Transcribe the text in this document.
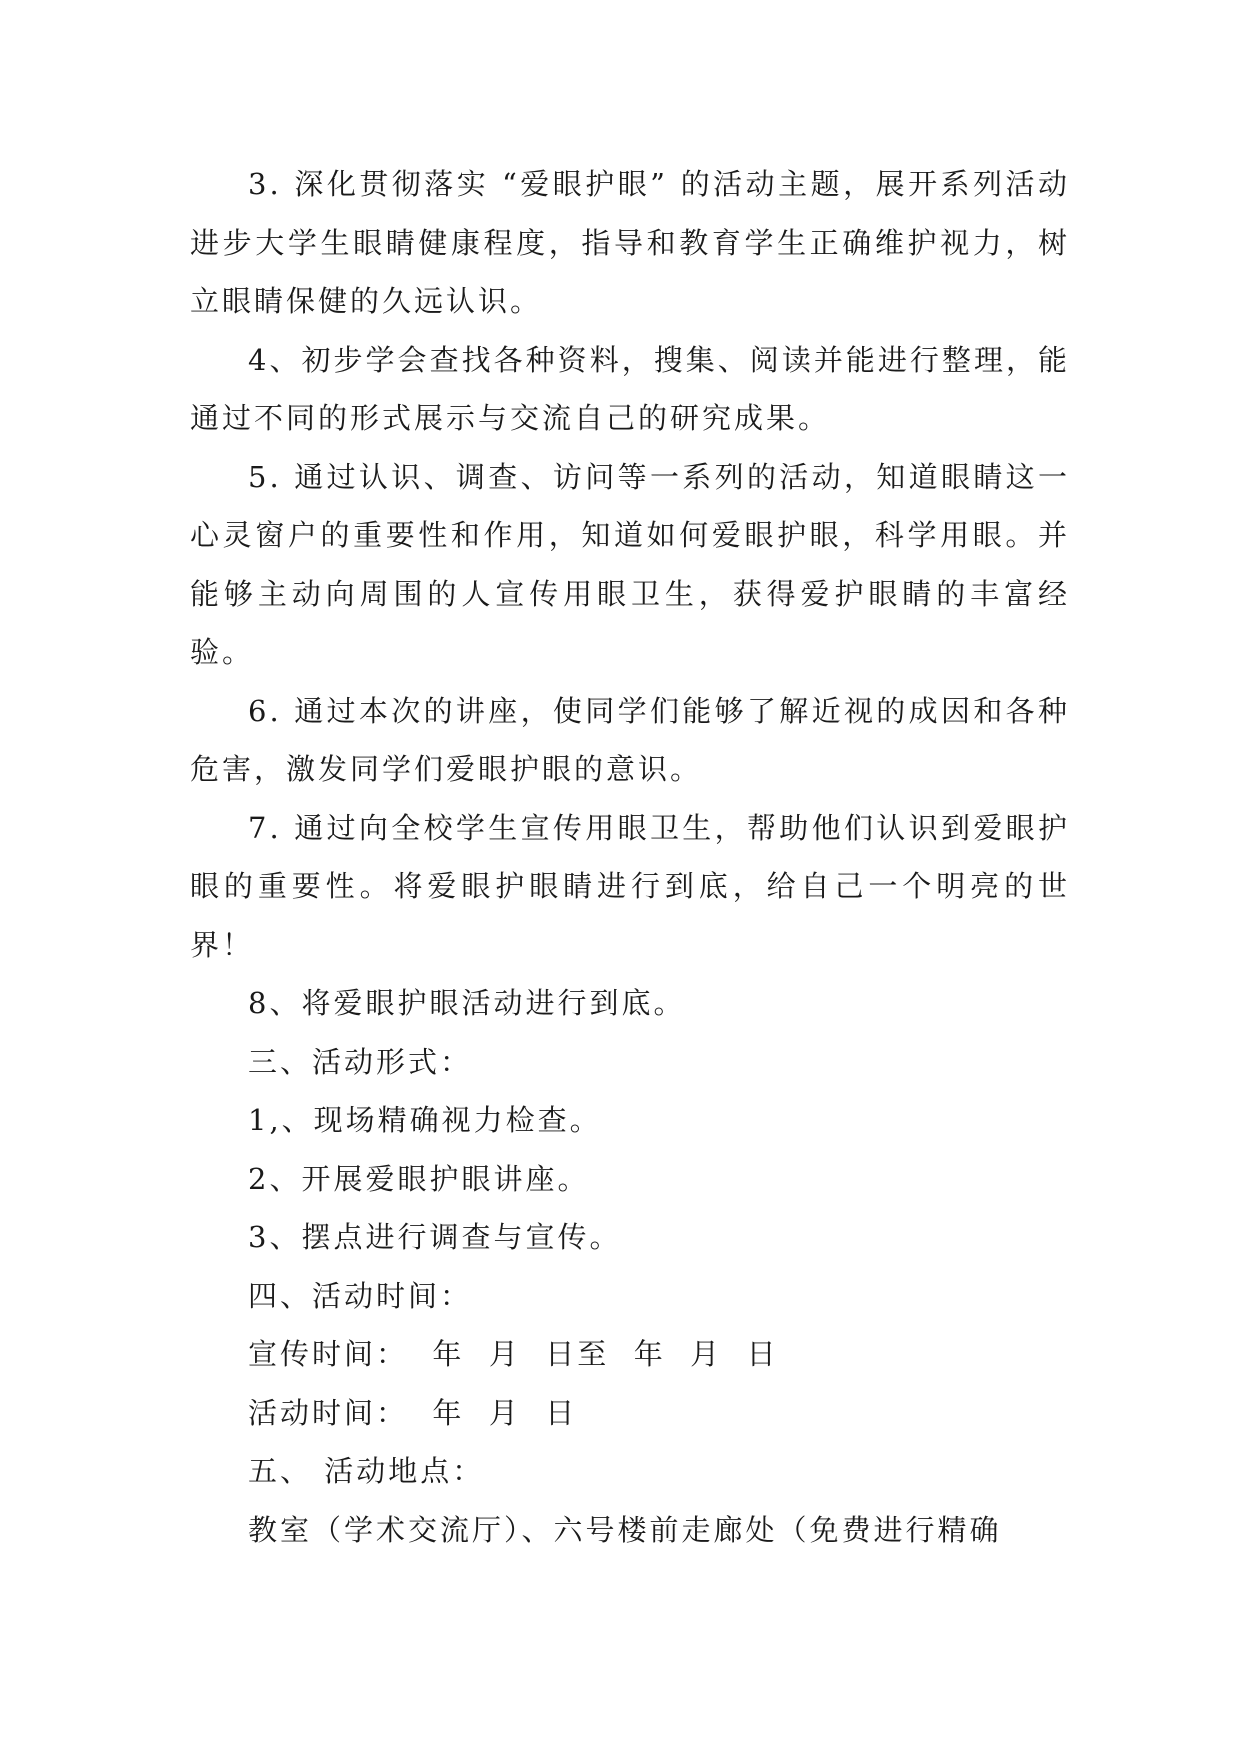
3. 深化贯彻落实 “爱眼护眼” 的活动主题，展开系列活动进步大学生眼睛健康程度，指导和教育学生正确维护视力，树立眼睛保健的久远认识。

4、初步学会查找各种资料，搜集、阅读并能进行整理，能通过不同的形式展示与交流自己的研究成果。

5. 通过认识、调查、访问等一系列的活动，知道眼睛这一心灵窗户的重要性和作用，知道如何爱眼护眼，科学用眼。并能够主动向周围的人宣传用眼卫生，获得爱护眼睛的丰富经验。

6. 通过本次的讲座，使同学们能够了解近视的成因和各种危害，激发同学们爱眼护眼的意识。

7. 通过向全校学生宣传用眼卫生，帮助他们认识到爱眼护眼的重要性。将爱眼护眼睛进行到底，给自己一个明亮的世界！

8、将爱眼护眼活动进行到底。

三、活动形式：

1,、现场精确视力检查。

2、开展爱眼护眼讲座。

3、摆点进行调查与宣传。

四、活动时间：

宣传时间：  年  月  日至  年  月  日

活动时间：  年  月  日

五、 活动地点：

教室（学术交流厅）、六号楼前走廊处（免费进行精确
